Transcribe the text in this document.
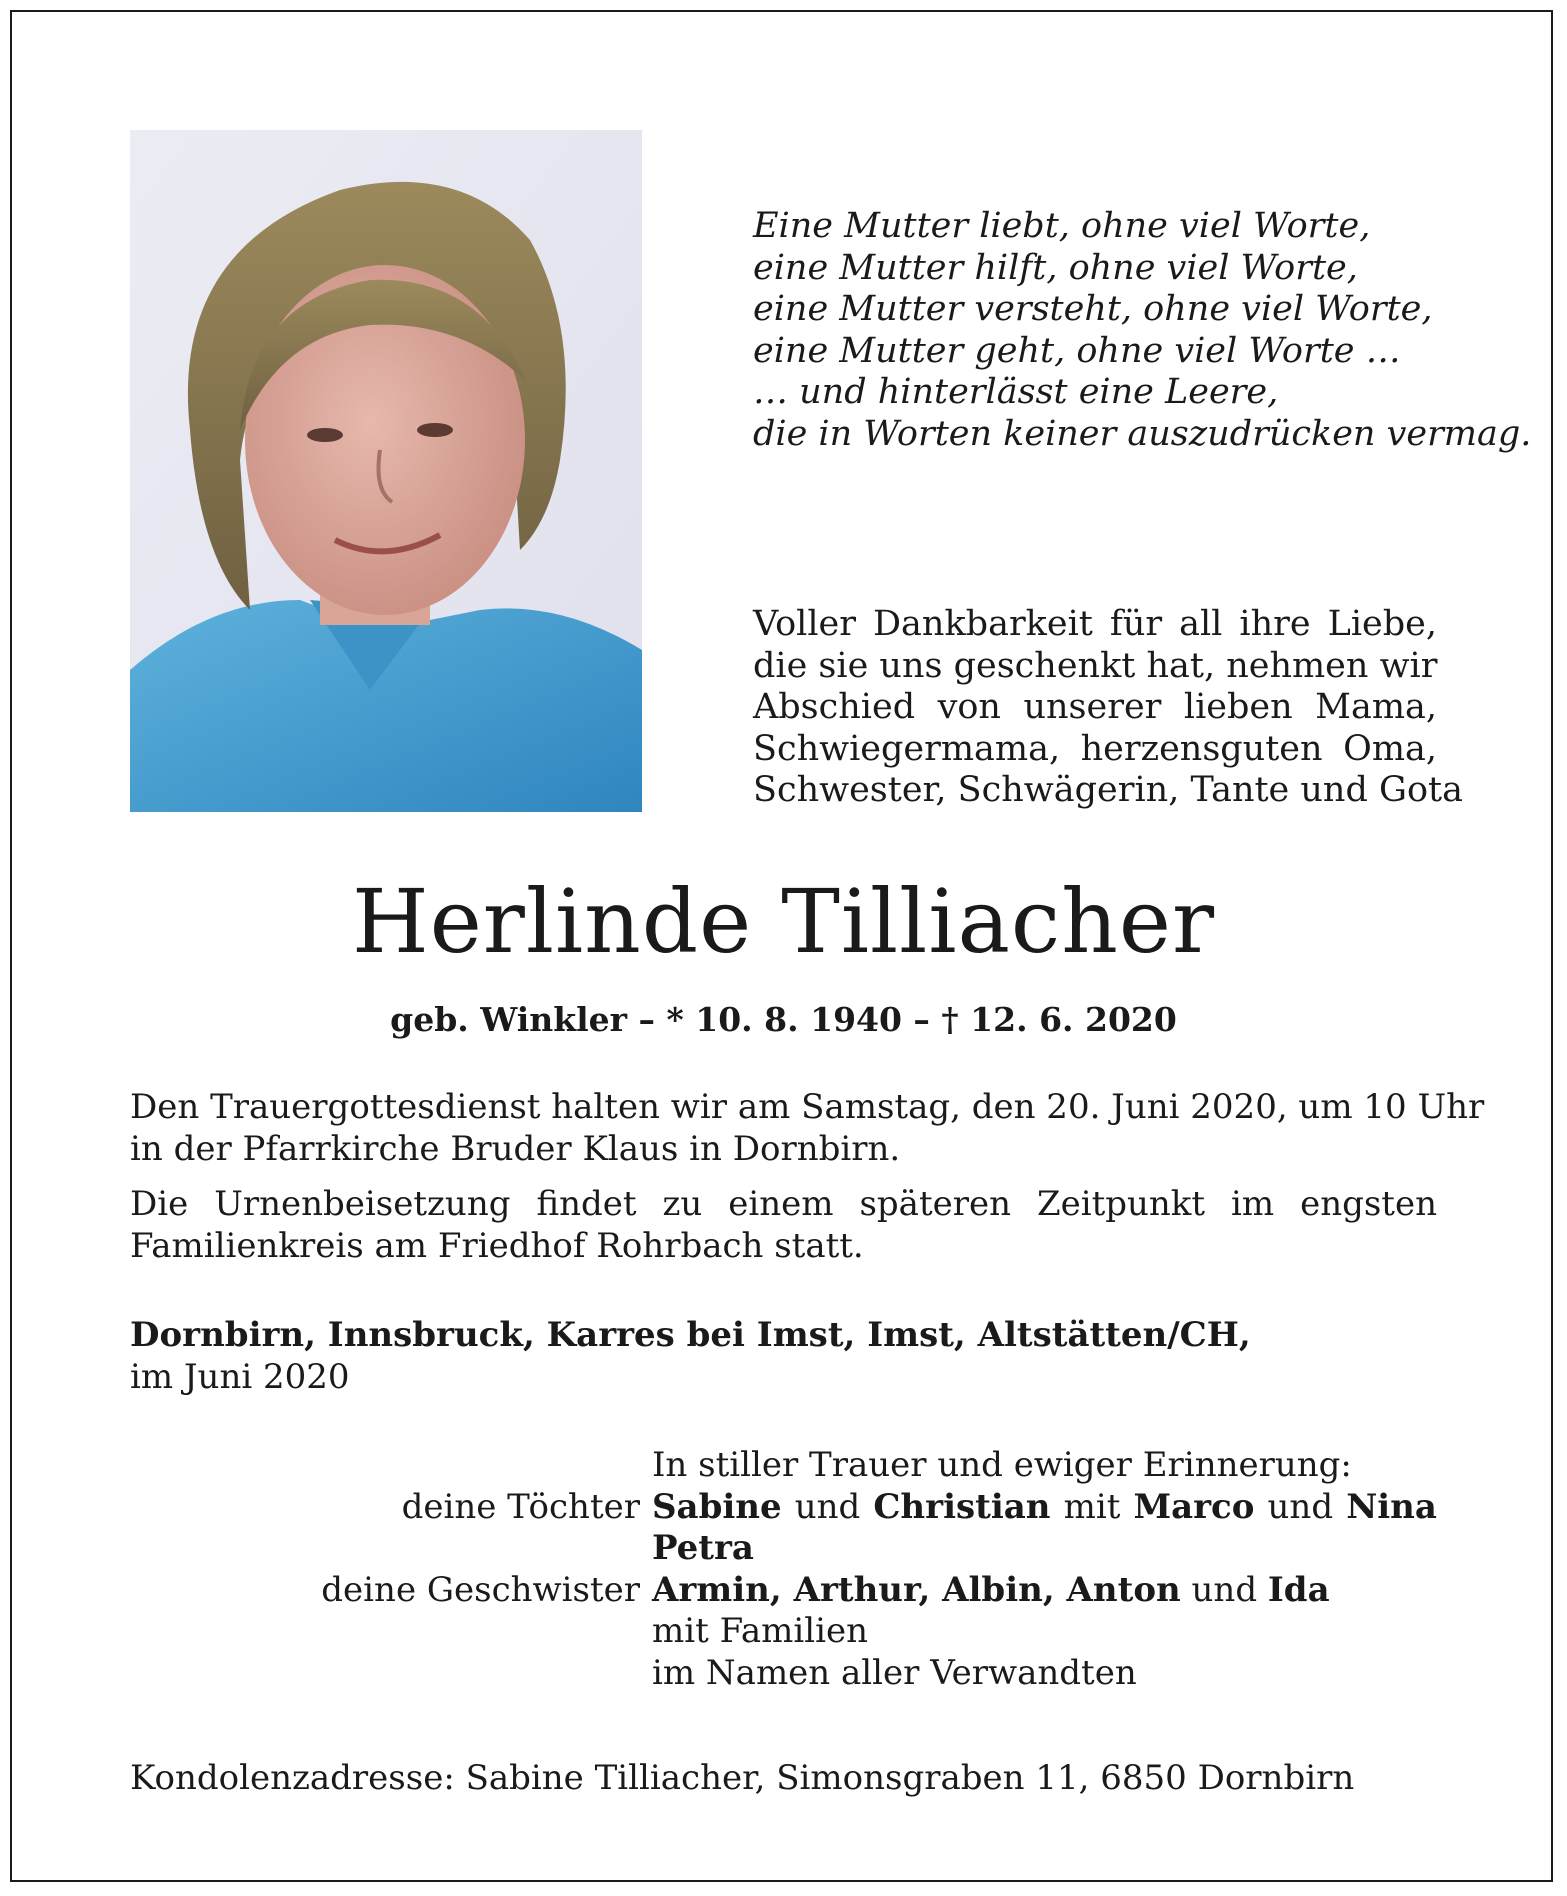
Eine Mutter liebt, ohne viel Worte,
eine Mutter hilft, ohne viel Worte,
eine Mutter versteht, ohne viel Worte,
eine Mutter geht, ohne viel Worte …
… und hinterlässt eine Leere,
die in Worten keiner auszudrücken vermag.
Voller Dankbarkeit für all ihre Liebe,
die sie uns geschenkt hat, nehmen wir
Abschied von unserer lieben Mama,
Schwiegermama, herzensguten Oma,
Schwester, Schwägerin, Tante und Gota
Herlinde Tilliacher
geb. Winkler – * 10. 8. 1940 – † 12. 6. 2020
Den Trauergottesdienst halten wir am Samstag, den 20. Juni 2020, um 10 Uhr
in der Pfarrkirche Bruder Klaus in Dornbirn.
Die Urnenbeisetzung findet zu einem späteren Zeitpunkt im engsten
Familienkreis am Friedhof Rohrbach statt.
Dornbirn, Innsbruck, Karres bei Imst, Imst, Altstätten/CH,
im Juni 2020
In stiller Trauer und ewiger Erinnerung:
deine Töchter Sabine und Christian mit Marco und Nina
Petra
deine Geschwister Armin, Arthur, Albin, Anton und Ida
mit Familien
im Namen aller Verwandten
Kondolenzadresse: Sabine Tilliacher, Simonsgraben 11, 6850 Dornbirn
